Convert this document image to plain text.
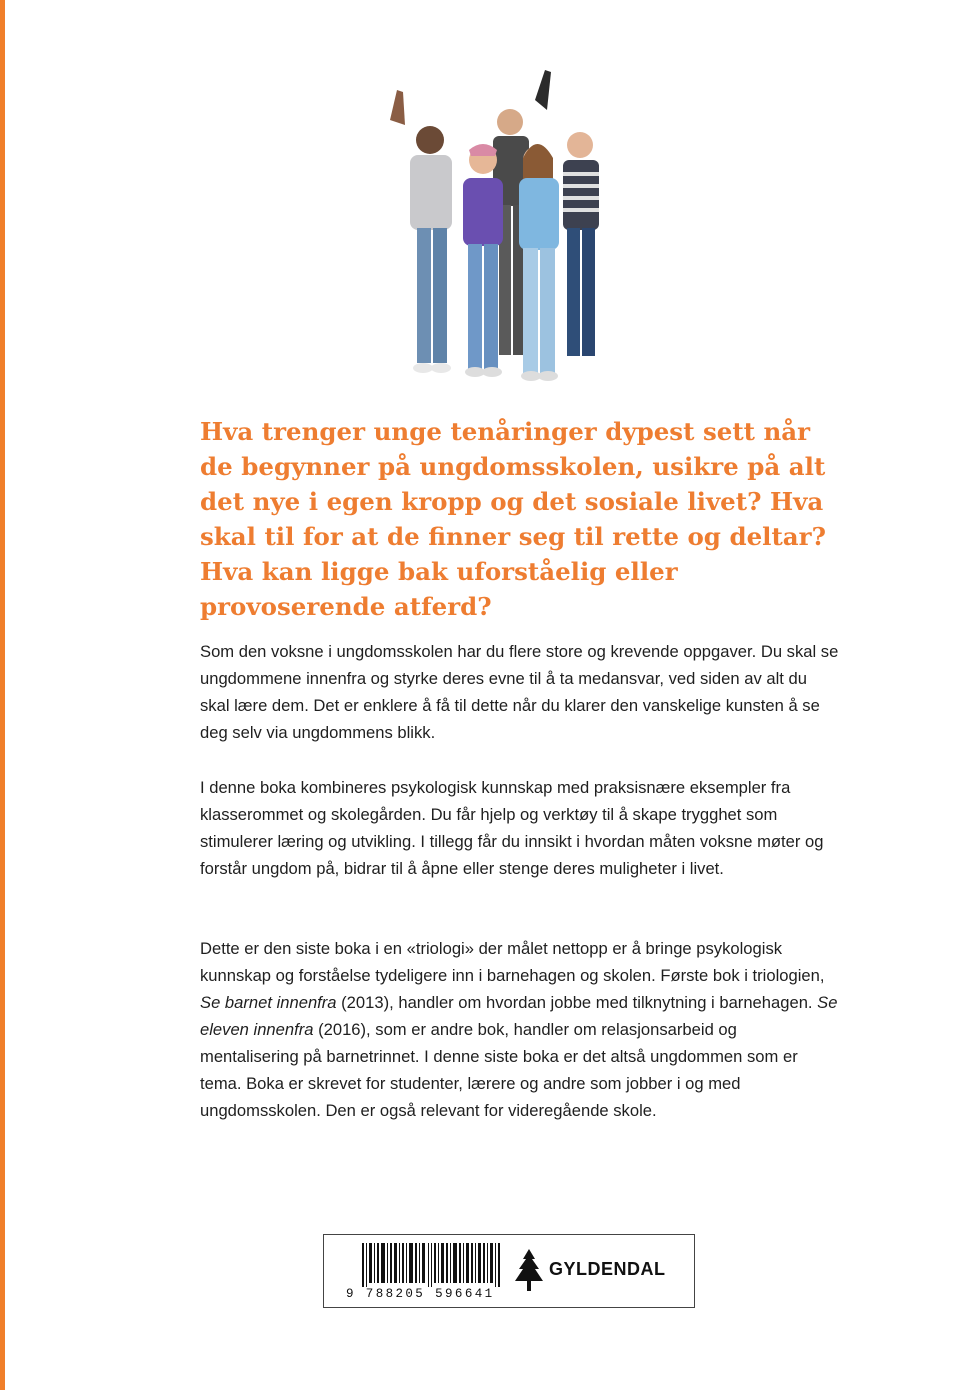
Hva trenger unge tenåringer dypest sett når de begynner på ungdomsskolen, usikre på alt det nye i egen kropp og det sosiale livet? Hva skal til for at de finner seg til rette og deltar? Hva kan ligge bak uforståelig eller provoserende atferd?

Som den voksne i ungdomsskolen har du flere store og krevende oppgaver. Du skal se ungdommene innenfra og styrke deres evne til å ta medansvar, ved siden av alt du skal lære dem. Det er enklere å få til dette når du klarer den vanskelige kunsten å se deg selv via ungdommens blikk.

I denne boka kombineres psykologisk kunnskap med praksisnære eksempler fra klasserommet og skolegården. Du får hjelp og verktøy til å skape trygghet som stimulerer læring og utvikling. I tillegg får du innsikt i hvordan måten voksne møter og forstår ungdom på, bidrar til å åpne eller stenge deres muligheter i livet.

Dette er den siste boka i en «triologi» der målet nettopp er å bringe psykologisk kunnskap og forståelse tydeligere inn i barnehagen og skolen. Første bok i triologien, Se barnet innenfra (2013), handler om hvordan jobbe med tilknytning i barnehagen. Se eleven innenfra (2016), som er andre bok, handler om relasjonsarbeid og mentalisering på barnetrinnet. I denne siste boka er det altså ungdommen som er tema. Boka er skrevet for studenter, lærere og andre som jobber i og med ungdomsskolen. Den er også relevant for videregående skole.

9 788205 596641
GYLDENDAL
